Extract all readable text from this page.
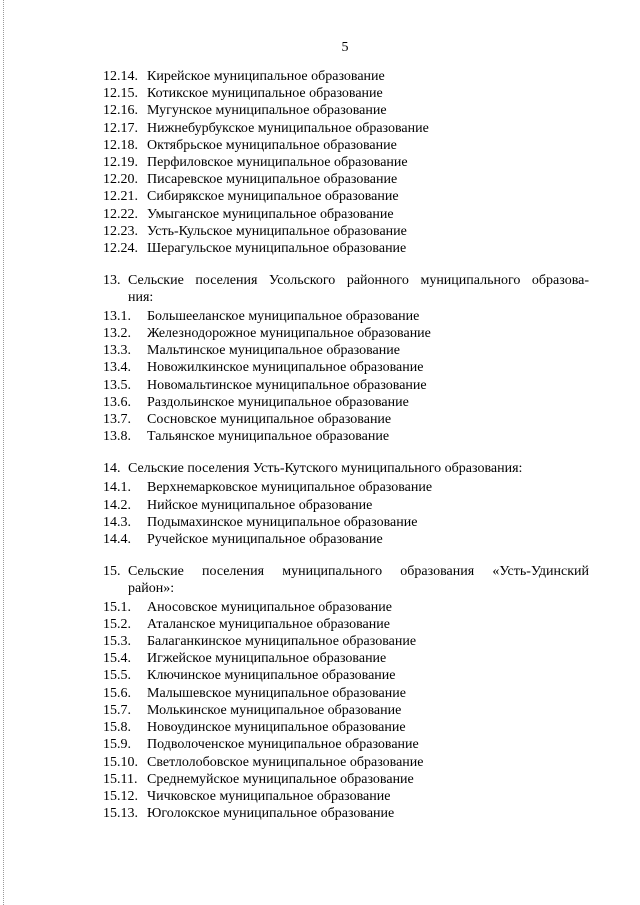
5
12.14. Кирейское муниципальное образование
12.15. Котикское муниципальное образование
12.16. Мугунское муниципальное образование
12.17. Нижнебурбукское муниципальное образование
12.18. Октябрьское муниципальное образование
12.19. Перфиловское муниципальное образование
12.20. Писаревское муниципальное образование
12.21. Сибирякское муниципальное образование
12.22. Умыганское муниципальное образование
12.23. Усть-Кульское муниципальное образование
12.24. Шерагульское муниципальное образование
13. Сельские поселения Усольского районного муниципального образова-
ния:
13.1.	Большееланское муниципальное образование
13.2.	Железнодорожное муниципальное образование
13.3.	Мальтинское муниципальное образование
13.4.	Новожилкинское муниципальное образование
13.5.	Новомальтинское муниципальное образование
13.6.	Раздольинское муниципальное образование
13.7.	Сосновское муниципальное образование
13.8.	Тальянское муниципальное образование
14. Сельские поселения Усть-Кутского муниципального образования:
14.1.	Верхнемарковское муниципальное образование
14.2.	Нийское муниципальное образование
14.3.	Подымахинское муниципальное образование
14.4.	Ручейское муниципальное образование
15. Сельские поселения муниципального образования «Усть-Удинский
район»:
15.1.	Аносовское муниципальное образование
15.2.	Аталанское муниципальное образование
15.3.	Балаганкинское муниципальное образование
15.4.	Игжейское муниципальное образование
15.5.	Ключинское муниципальное образование
15.6.	Малышевское муниципальное образование
15.7.	Молькинское муниципальное образование
15.8.	Новоудинское муниципальное образование
15.9.	Подволоченское муниципальное образование
15.10. Светлолобовское муниципальное образование
15.11. Среднемуйское муниципальное образование
15.12. Чичковское муниципальное образование
15.13. Юголокское муниципальное образование
